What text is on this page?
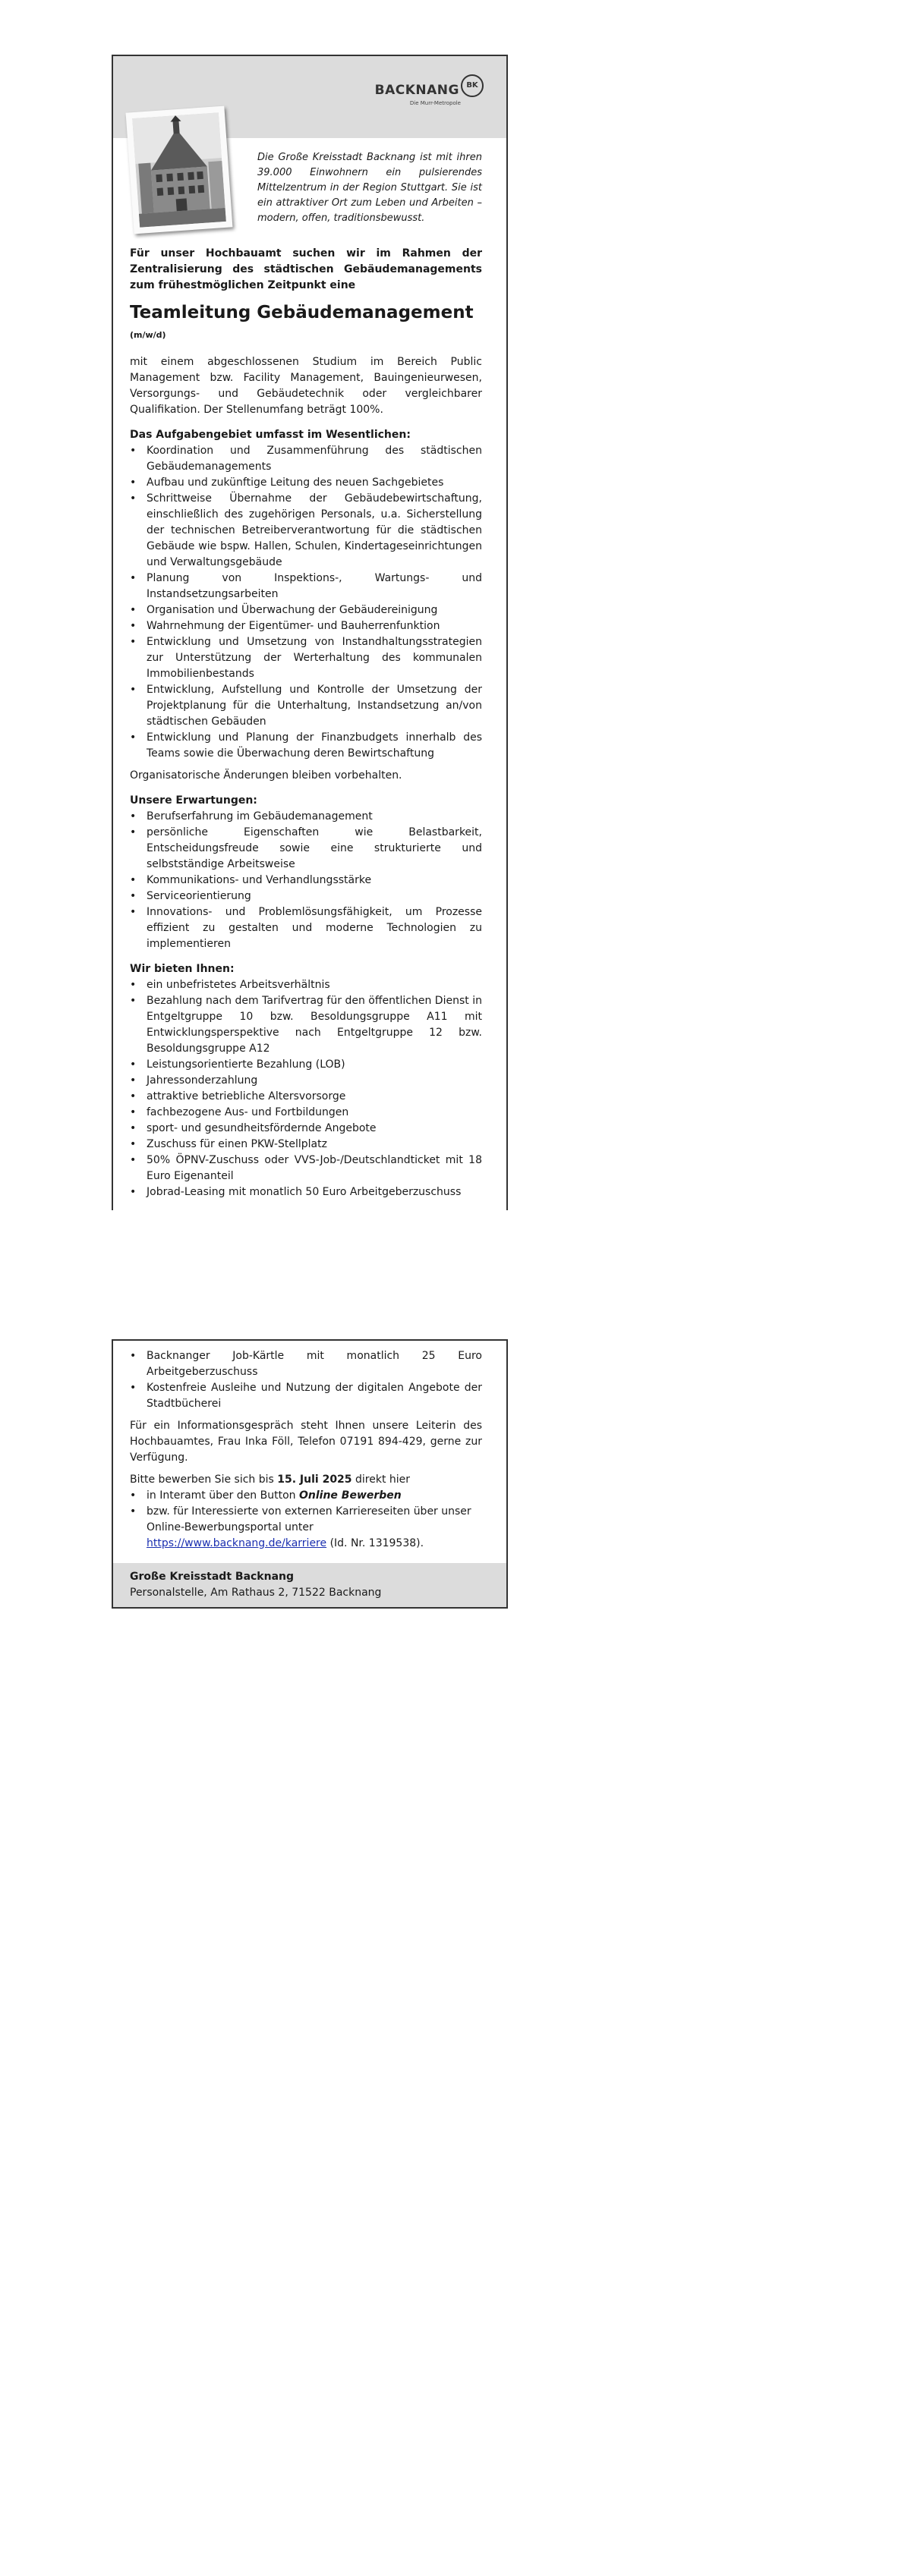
BACKNANG BK
Die Murr-Metropole
Die Große Kreisstadt Backnang ist mit ihren 39.000 Einwohnern ein pulsierendes Mittelzentrum in der Region Stuttgart. Sie ist ein attraktiver Ort zum Leben und Arbeiten – modern, offen, traditionsbewusst.

Für unser Hochbauamt suchen wir im Rahmen der Zentralisierung des städtischen Gebäudemanagements zum frühestmöglichen Zeitpunkt eine

Teamleitung Gebäudemanagement $^{(m/w/d)}$

mit einem abgeschlossenen Studium im Bereich Public Management bzw. Facility Management, Bauingenieurwesen, Versorgungs- und Gebäudetechnik oder vergleichbarer Qualifikation. Der Stellenumfang beträgt 100%.

Das Aufgabengebiet umfasst im Wesentlichen:
• Koordination und Zusammenführung des städtischen Gebäudemanagements
• Aufbau und zukünftige Leitung des neuen Sachgebietes
• Schrittweise Übernahme der Gebäudebewirtschaftung, einschließlich des zugehörigen Personals, u.a. Sicherstellung der technischen Betreiberverantwortung für die städtischen Gebäude wie bspw. Hallen, Schulen, Kindertageseinrichtungen und Verwaltungsgebäude
• Planung von Inspektions-, Wartungs- und Instandsetzungsarbeiten
• Organisation und Überwachung der Gebäudereinigung
• Wahrnehmung der Eigentümer- und Bauherrenfunktion
• Entwicklung und Umsetzung von Instandhaltungsstrategien zur Unterstützung der Werterhaltung des kommunalen Immobilienbestands
• Entwicklung, Aufstellung und Kontrolle der Umsetzung der Projektplanung für die Unterhaltung, Instandsetzung an/von städtischen Gebäuden
• Entwicklung und Planung der Finanzbudgets innerhalb des Teams sowie die Überwachung deren Bewirtschaftung

Organisatorische Änderungen bleiben vorbehalten.

Unsere Erwartungen:
• Berufserfahrung im Gebäudemanagement
• persönliche Eigenschaften wie Belastbarkeit, Entscheidungsfreude sowie eine strukturierte und selbstständige Arbeitsweise
• Kommunikations- und Verhandlungsstärke
• Serviceorientierung
• Innovations- und Problemlösungsfähigkeit, um Prozesse effizient zu gestalten und moderne Technologien zu implementieren
Wir bieten Ihnen:
• ein unbefristetes Arbeitsverhältnis
• Bezahlung nach dem Tarifvertrag für den öffentlichen Dienst in Entgeltgruppe 10 bzw. Besoldungsgruppe A11 mit Entwicklungsperspektive nach Entgeltgruppe 12 bzw. Besoldungsgruppe A12
• Leistungsorientierte Bezahlung (LOB)
• Jahressonderzahlung
• attraktive betriebliche Altersvorsorge
• fachbezogene Aus- und Fortbildungen
• sport- und gesundheitsfördernde Angebote
• Zuschuss für einen PKW-Stellplatz
• 50% ÖPNV-Zuschuss oder VVS-Job-/Deutschlandticket mit 18 Euro Eigenanteil
• Jobrad-Leasing mit monatlich 50 Euro Arbeitgeberzuschuss
• Backnanger Job-Kärtle mit monatlich 25 Euro Arbeitgeberzuschuss
• Kostenfreie Ausleihe und Nutzung der digitalen Angebote der Stadtbücherei

Für ein Informationsgespräch steht Ihnen unsere Leiterin des Hochbauamtes, Frau Inka Föll, Telefon 07191 894-429, gerne zur Verfügung.

Bitte bewerben Sie sich bis 15. Juli 2025 direkt hier

• in Interamt über den Button Online Bewerben
• bzw. für Interessierte von externen Karriereseiten über unser Online-Bewerbungsportal unter
https://www.backnang.de/karriere (Id. Nr. 1319538).
Große Kreisstadt Backnang
Personalstelle, Am Rathaus 2, 71522 Backnang
